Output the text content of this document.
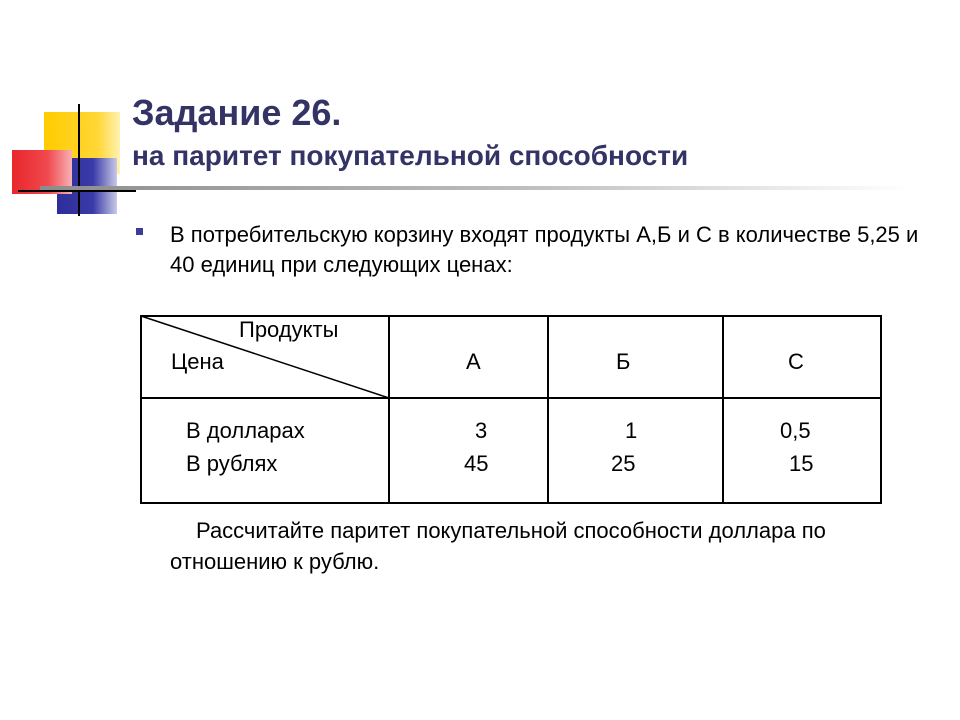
Задание 26.
на паритет покупательной способности

В потребительскую корзину входят продукты А,Б и С в количестве 5,25 и 40 единиц при следующих ценах:

Продукты
Цена	А	Б	С
В долларах	3	1	0,5
В рублях	45	25	15

Рассчитайте паритет покупательной способности доллара по отношению к рублю.
